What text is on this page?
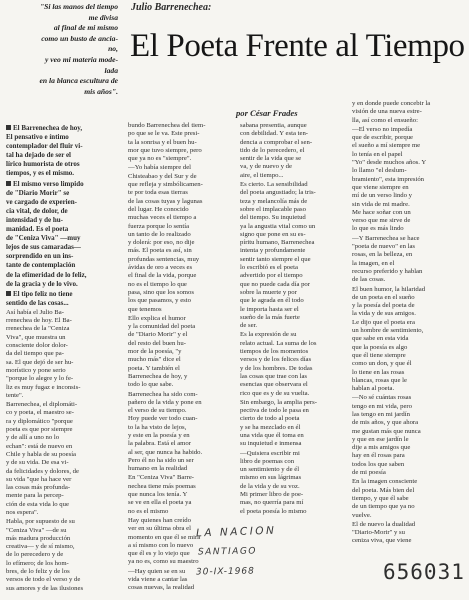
"Si las manos del tiempo
me divisa
al final de mi mismo
como un busto de ancia-
no,
y veo mi materia mode-
lada
en la blanca escultura de
mis años".
Julio Barrenechea:
El Poeta Frente al Tiempo
por César Frades

El Barrenechea de hoy,
El pensativo e íntimo
contemplador del fluir vi-
tal ha dejado de ser el
lírico humorista de otros
tiempos, y es el mismo.

El mismo verso limpido
de "Diario Morir" se
ve cargado de experien-
cia vital, de dolor, de
intensidad y de hu-
manidad. Es el poeta
de "Ceniza Viva" —muy
lejos de sus camaradas—
sorprendido en un ins-
tante de contemplación
de la efímeridad de lo feliz,
de la gracia y de lo vivo.

El tipo feliz no tiene
sentido de las cosas...

Así había el Julio Ba-
rrenechea de hoy. El Ba-
rrenechea de la "Ceniza
Viva", que muestra un
consciente dolor dolor-
da del tiempo que pa-
sa. El que dejó de ser hu-
morístico y pone serio
"porque lo alegre y lo fe-
liz es muy fugaz e inconsis-
tente".

Barrenechea, el diplomáti-
co y poeta, el maestro se-
ra y diplomático "porque
poeta es que por siempre
y de allí a uno no lo
echan": está de nuevo en
Chile y habla de su poesía
y de su vida. De esa vi-
da felicidades y dolores, de
su vida "que ha hace ver
las cosas más profunda-
mente para la percep-
ción de esta vida lo que
nos espera".

Habla, por supuesto de su
"Ceniza Viva" —de su
más madura producción
creativa— y de sí mismo,
de lo perecedero y de
lo efímero; de los hom-
bres, de lo feliz y de los
versos de todo el verso y de
sus amores y de las ilusiones

bundo Barrenechea del tiem-
po que se le va. Este presi-
ta la sonrisa y el buen hu-
mor que tuvo siempre, pero
que ya no es "siempre".

—Yo había siempre del
Chisteabao y del Sur y de
que refleja y simbólicamen-
te por toda esas tierras
de las cosas tuyas y lagunas
del lugar. He conocido
muchas veces el tiempo a
fuerza porque lo sentía
un tanto de lo realizado
y dolerá: por eso, no dije
más. El poeta es así, sin
profundas sentencias, muy
ávidas de oro a veces es
el final de la vida, porque
no es el tiempo lo que
pasa, sino que los somos
los que pasamos, y esto
que tenemos

Ello explica el humor
y la comunidad del poeta
de "Diario Morir" y el
del resto del buen hu-
mor de la poesía, "y
mucho más" dice el
poeta. Y también el
Barrenechea de hoy, y
todo lo que sabe.

Barrenechea ha sido com-
pañero de la vida y pone en
el verso de su tiempo.
Hoy puede ver todo cuan-
to la ha visto de lejos,
y este en la poesía y en
la palabra. Está el amor
al ser, que nunca ha habido.
Pero él no ha sido un ser
humano en la realidad

En "Ceniza Viva" Barre-
nechea tiene más poemas
que nunca los tenía. Y
se ve en ella el poeta ya
no es el mismo

Hay quienes han creído
ver en su última obra el
momento en que él se mira
a sí mismo con lo nuevo
que él es y lo viejo que
ya no es, como su maestro

—Hay quien se en su
vida viene a cantar las
cosas nuevas, la realidad

sabana presentia, aunque
con debilidad. Y esta ten-
dencia a comprobar el sen-
tido de lo perecedero, el
sentir de la vida que se
va, y de nuevo y de
aire, el tiempo...

Es cierto. La sensibilidad
del poeta angustiado; la tris-
teza y melancolía más de
sobre el implacable paso
del tiempo. Su inquietud
ya la angustia vital como un
signo que pone en su es-
píritu humano, Barrenechea
intenta y profundamente
sentir tanto siempre el que
lo escribió es el poeta
advertido por el tiempo
que no puede cada día por
sobre la muerte y por
que le agrada en él todo
le importa hasta ser el
sueño de la más fuerte
de ser.

Es la expresión de su
relato actual. La suma de los
tiempos de los momentos
versos y de los felices días
y de los hombres. De todas
las cosas que trae con las
esencias que observara el
rico que es y de su vuelta.

Sin embargo, la amplia pers-
pectiva de todo le pasa en
cierto de todo al poeta
y se ha mezclado en él
una vida que él toma en
su inquietud e inmensa

—Quisiera escribir mi
libro de poemas con
un sentimiento y de él
mismo en sus lágrimas
de la vida y de su voz.
Mi primer libro de poe-
mas, no querría para mí
el poeta poesía lo mismo

y en donde puede concebir la
visión de una nueva estre-
lla, así como el ensueño:

—El verso no impedía
que de escribir, porque
el sueño a mí siempre me
lo tenía en el papel
"Yo" desde muchos años. Y
lo llamo "el deslum-
bramiento", esta impresión
que viene siempre en
mí de un verso lindo y
sin vida de mi madre.
Me hace soñar con un
verso que me sirve de
lo que es más lindo

—Y Barrenechea se hace
"poeta de nuevo" en las
rosas, en la belleza, en
la imagen, en el
recurso preferido y hablan
de las cosas.

El buen humor, la hilaridad
de un poeta en el sueño
y la poesía del poeta de
la vida y de sus amigos.
Le dijo que el poeta era
un hombre de sentimiento,
que sabe en esta vida
que la poesía es algo
que él tiene siempre
como un don, y que él
lo tiene en las rosas
blancas, rosas que le
hablan al poeta.

—No sé cuántas rosas
tengo en mi vida, pero
las tengo en mi jardín
de mis años, y que ahora
me gustan más que nunca
y que en ese jardín le
dije a mis amigos que
hay en él rosas para
todos los que saben
de mi poesía

En la imagen consciente
del poeta. Más bien del
tiempo, y que él sabe
de un tiempo que ya no
vuelve.

El de nuevo la dualidad
"Diario-Morir" y su
ceniza viva, que viene

LA NACION
SANTIAGO
30-IX-1968	656031
